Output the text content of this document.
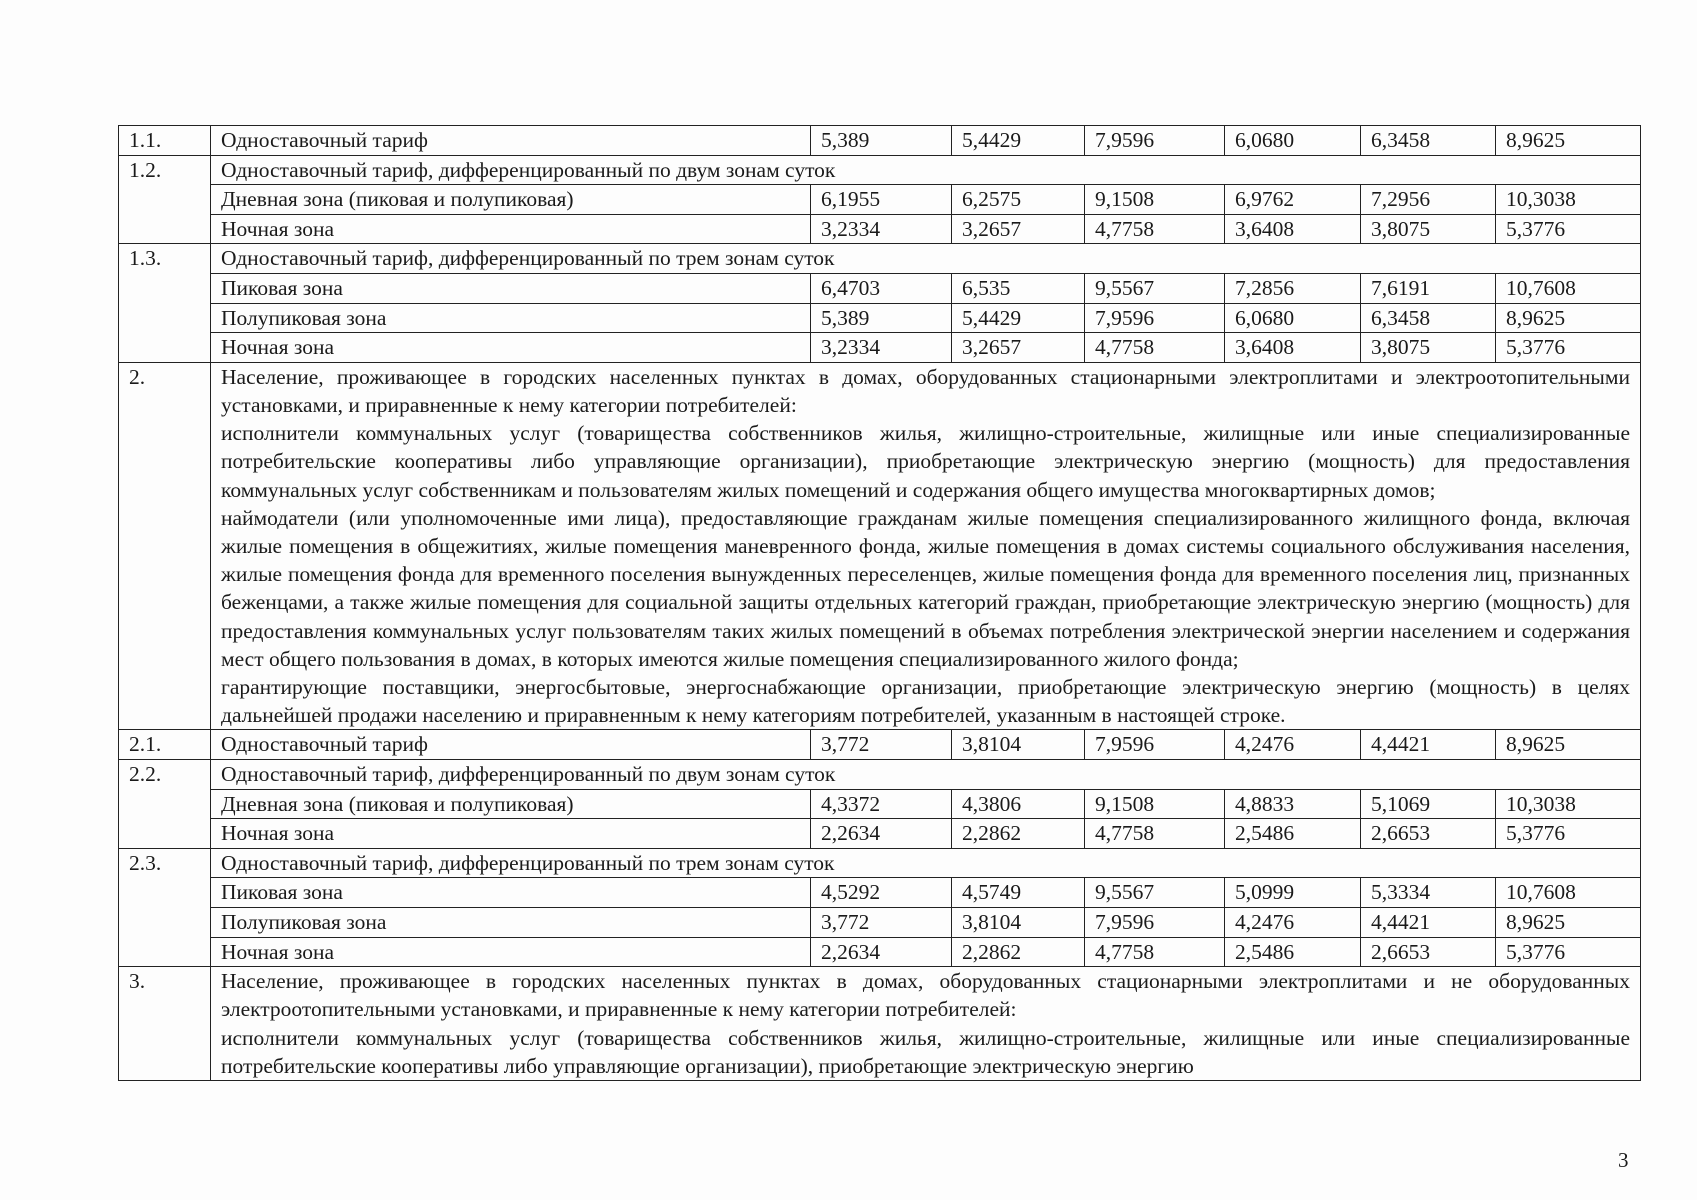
1.1.	Одноставочный тариф	5,389	5,4429	7,9596	6,0680	6,3458	8,9625
1.2.	Одноставочный тариф, дифференцированный по двум зонам суток						
	Дневная зона (пиковая и полупиковая)	6,1955	6,2575	9,1508	6,9762	7,2956	10,3038
	Ночная зона	3,2334	3,2657	4,7758	3,6408	3,8075	5,3776
1.3.	Одноставочный тариф, дифференцированный по трем зонам суток						
	Пиковая зона	6,4703	6,535	9,5567	7,2856	7,6191	10,7608
	Полупиковая зона	5,389	5,4429	7,9596	6,0680	6,3458	8,9625
	Ночная зона	3,2334	3,2657	4,7758	3,6408	3,8075	5,3776
2.	Население, проживающее в городских населенных пунктах в домах, оборудованных стационарными электроплитами и электроотопительными установками, и приравненные к нему категории потребителей:
исполнители коммунальных услуг (товарищества собственников жилья, жилищно-строительные, жилищные или иные специализированные потребительские кооперативы либо управляющие организации), приобретающие электрическую энергию (мощность) для предоставления коммунальных услуг собственникам и пользователям жилых помещений и содержания общего имущества многоквартирных домов;
наймодатели (или уполномоченные ими лица), предоставляющие гражданам жилые помещения специализированного жилищного фонда, включая жилые помещения в общежитиях, жилые помещения маневренного фонда, жилые помещения в домах системы социального обслуживания населения, жилые помещения фонда для временного поселения вынужденных переселенцев, жилые помещения фонда для временного поселения лиц, признанных беженцами, а также жилые помещения для социальной защиты отдельных категорий граждан, приобретающие электрическую энергию (мощность) для предоставления коммунальных услуг пользователям таких жилых помещений в объемах потребления электрической энергии населением и содержания мест общего пользования в домах, в которых имеются жилые помещения специализированного жилого фонда;
гарантирующие поставщики, энергосбытовые, энергоснабжающие организации, приобретающие электрическую энергию (мощность) в целях дальнейшей продажи населению и приравненным к нему категориям потребителей, указанным в настоящей строке.						

2.1.	Одноставочный тариф	3,772	3,8104	7,9596	4,2476	4,4421	8,9625
2.2.	Одноставочный тариф, дифференцированный по двум зонам суток						
	Дневная зона (пиковая и полупиковая)	4,3372	4,3806	9,1508	4,8833	5,1069	10,3038
	Ночная зона	2,2634	2,2862	4,7758	2,5486	2,6653	5,3776
2.3.	Одноставочный тариф, дифференцированный по трем зонам суток						
	Пиковая зона	4,5292	4,5749	9,5567	5,0999	5,3334	10,7608
	Полупиковая зона	3,772	3,8104	7,9596	4,2476	4,4421	8,9625
	Ночная зона	2,2634	2,2862	4,7758	2,5486	2,6653	5,3776
3.	Население, проживающее в городских населенных пунктах в домах, оборудованных стационарными электроплитами и не оборудованных электроотопительными установками, и приравненные к нему категории потребителей:
исполнители коммунальных услуг (товарищества собственников жилья, жилищно-строительные, жилищные или иные специализированные потребительские кооперативы либо управляющие организации), приобретающие электрическую энергию						
3
